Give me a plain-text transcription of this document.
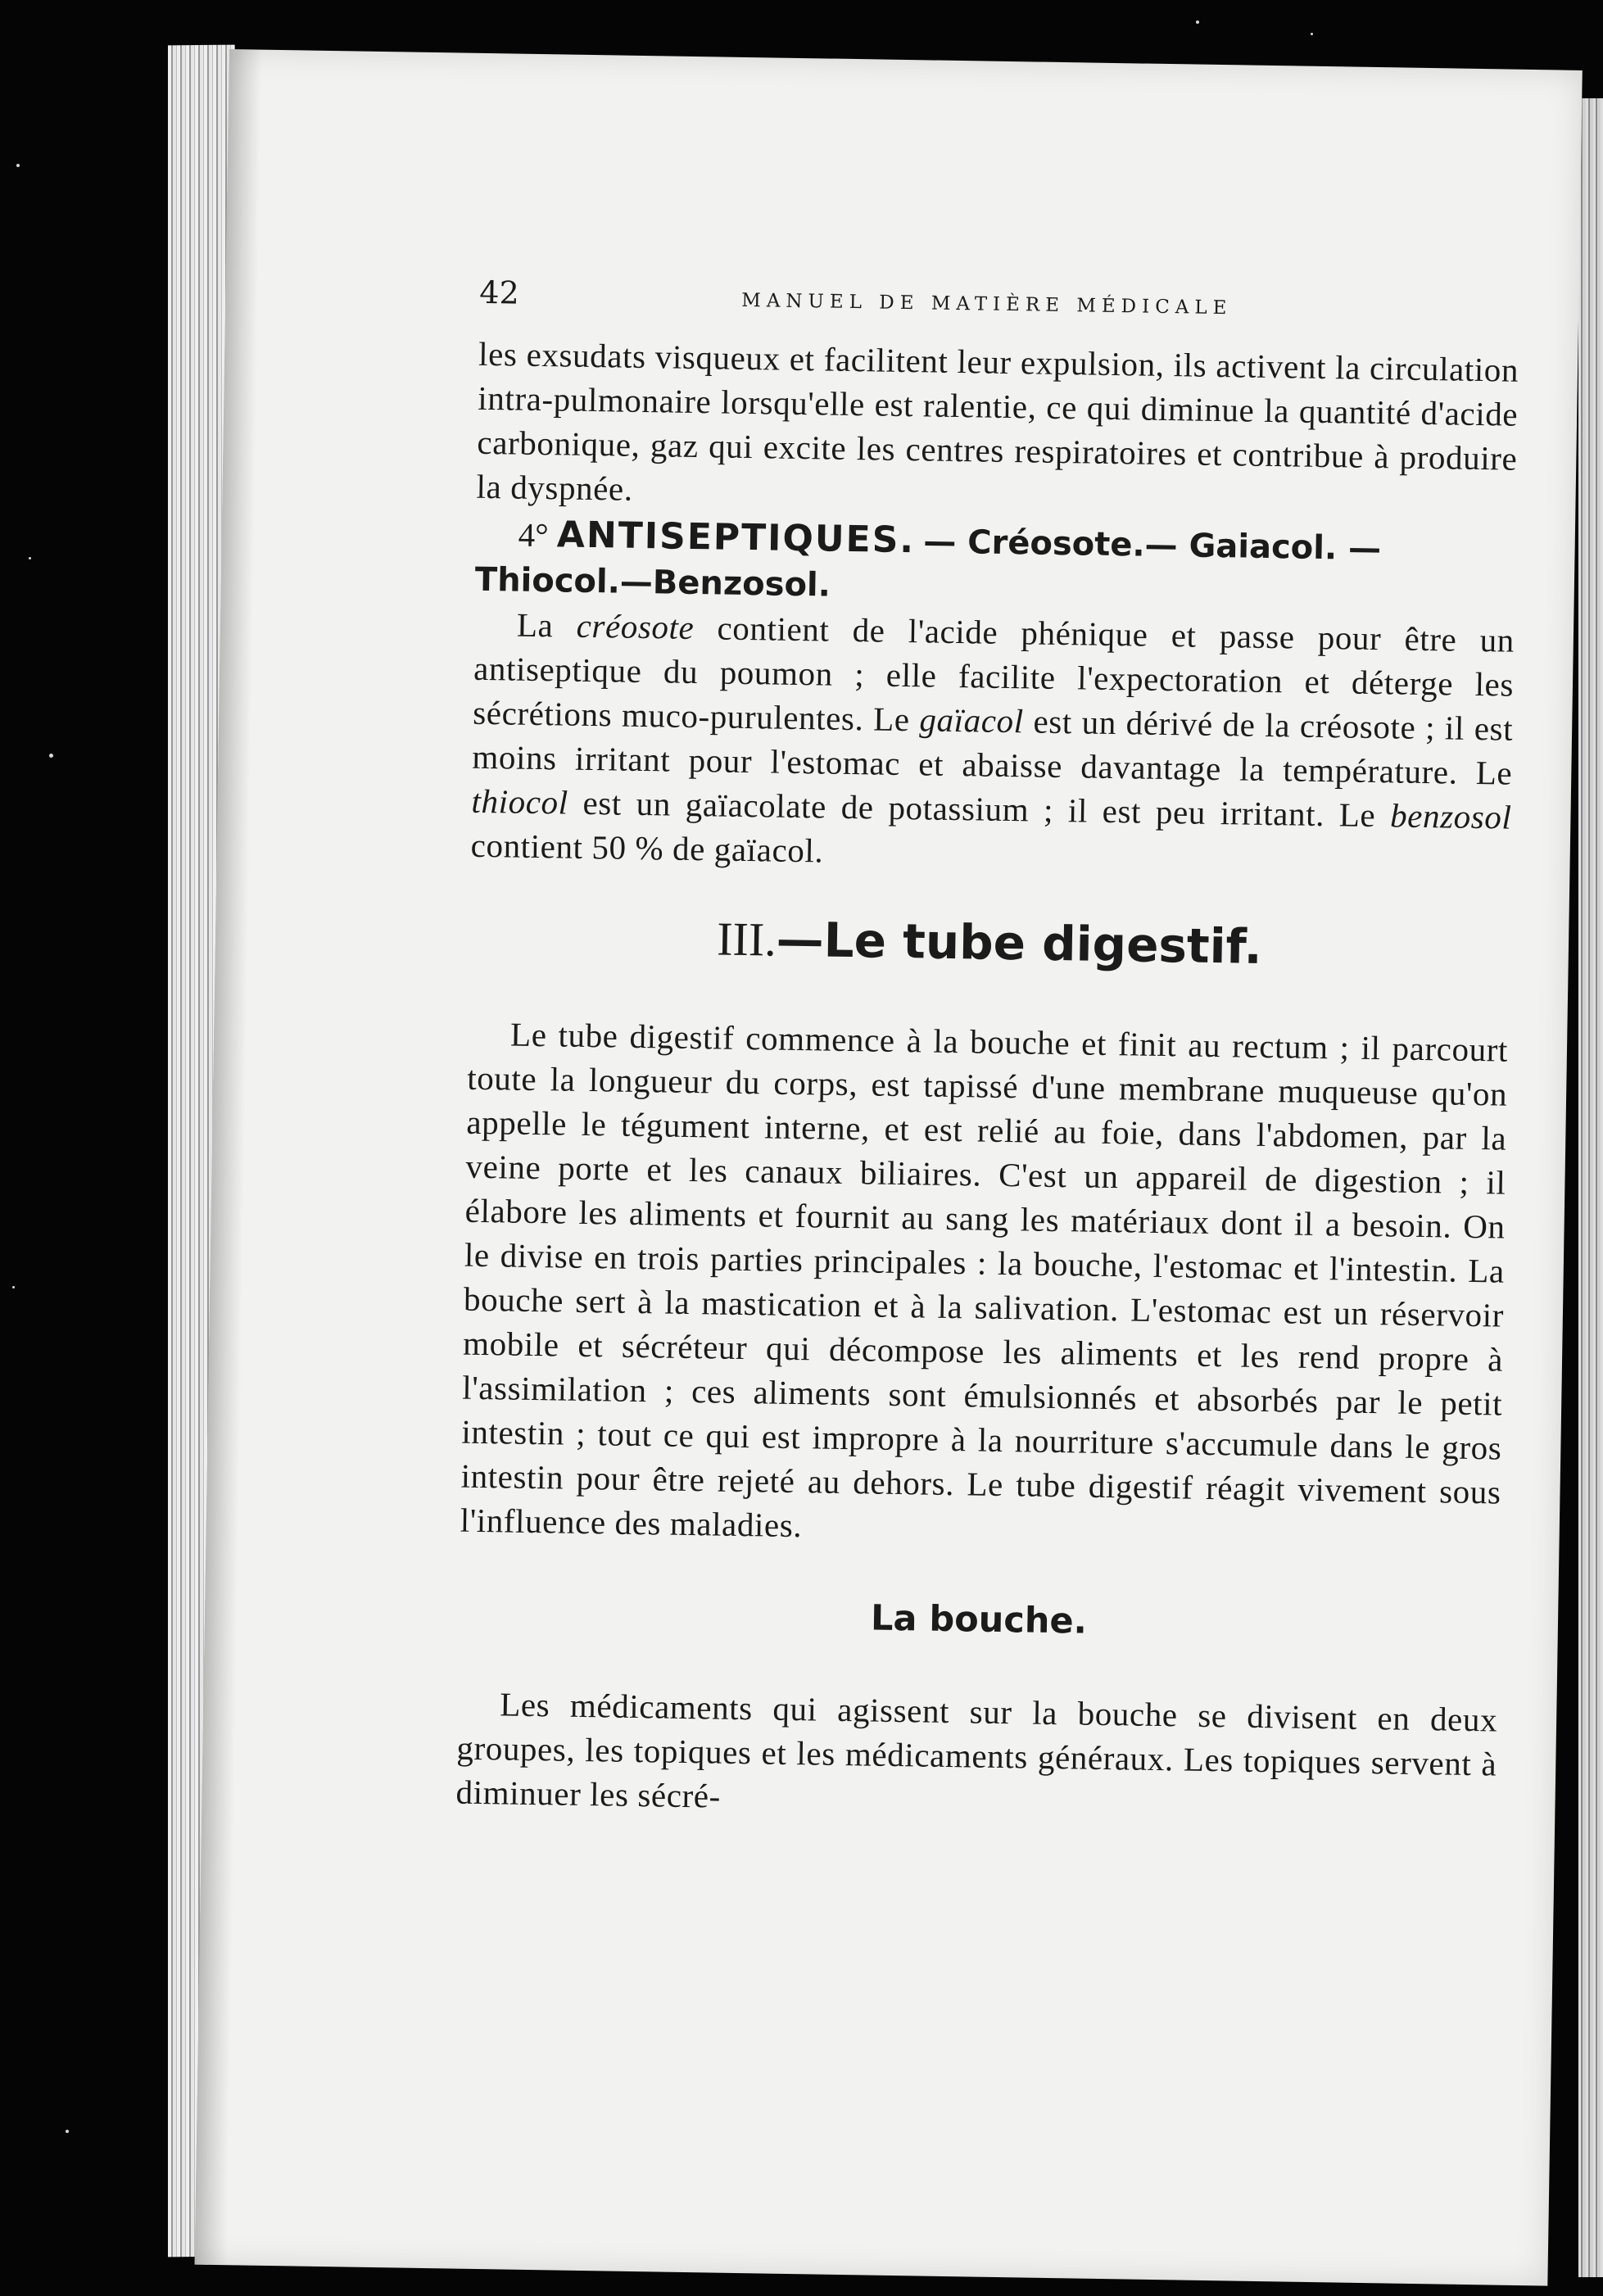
42	MANUEL DE MATIÈRE MÉDICALE

les exsudats visqueux et facilitent leur expulsion, ils activent la circulation intra-pulmonaire lorsqu'elle est ralentie, ce qui diminue la quantité d'acide carbonique, gaz qui excite les centres respiratoires et contribue à produire la dyspnée.

4° ANTISEPTIQUES. — Créosote.— Gaiacol. —Thiocol.—Benzosol.

La créosote contient de l'acide phénique et passe pour être un antiseptique du poumon ; elle facilite l'expectoration et déterge les sécrétions muco-purulentes. Le gaïacol est un dérivé de la créosote ; il est moins irritant pour l'estomac et abaisse davantage la température. Le thiocol est un gaïacolate de potassium ; il est peu irritant. Le benzosol contient 50 % de gaïacol.

III.—Le tube digestif.

Le tube digestif commence à la bouche et finit au rectum ; il parcourt toute la longueur du corps, est tapissé d'une membrane muqueuse qu'on appelle le tégument interne, et est relié au foie, dans l'abdomen, par la veine porte et les canaux biliaires. C'est un appareil de digestion ; il élabore les aliments et fournit au sang les matériaux dont il a besoin. On le divise en trois parties principales : la bouche, l'estomac et l'intestin. La bouche sert à la mastication et à la salivation. L'estomac est un réservoir mobile et sécréteur qui décompose les aliments et les rend propre à l'assimilation ; ces aliments sont émulsionnés et absorbés par le petit intestin ; tout ce qui est impropre à la nourriture s'accumule dans le gros intestin pour être rejeté au dehors. Le tube digestif réagit vivement sous l'influence des maladies.

La bouche.

Les médicaments qui agissent sur la bouche se divisent en deux groupes, les topiques et les médicaments généraux. Les topiques servent à diminuer les sécré-
